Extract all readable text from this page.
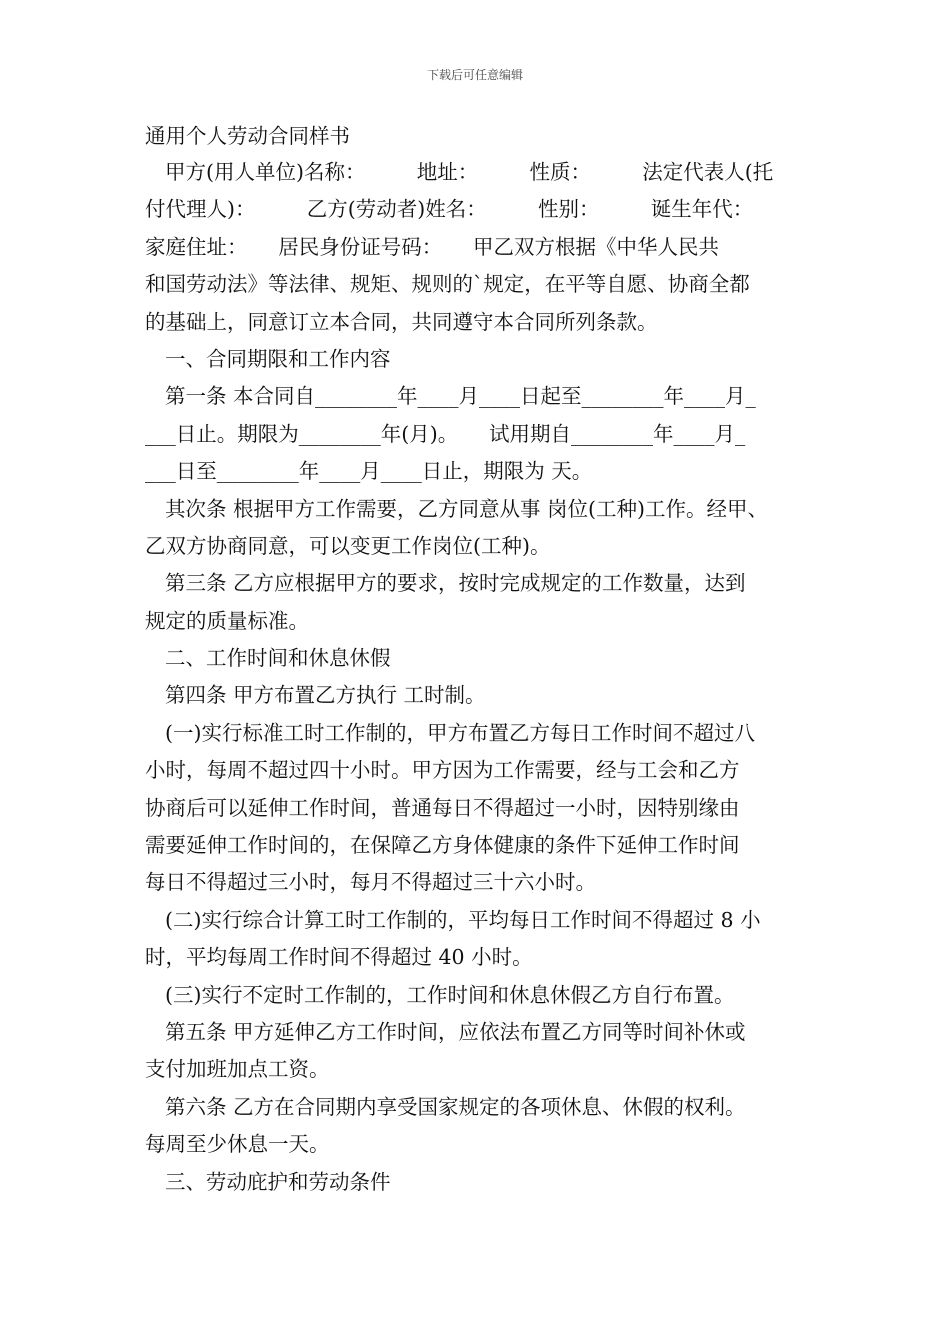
下载后可任意编辑
通用个人劳动合同样书
甲方(用人单位)名称：　　　地址：　　　性质：　　　法定代表人(托
付代理人)：　　　乙方(劳动者)姓名：　　　性别：　　　诞生年代：
家庭住址：　　居民身份证号码：　　甲乙双方根据《中华人民共
和国劳动法》等法律、规矩、规则的`规定，在平等自愿、协商全都
的基础上，同意订立本合同，共同遵守本合同所列条款。
一、合同期限和工作内容
第一条 本合同自________年____月____日起至________年____月_
___日止。期限为________年(月)。　　试用期自________年____月_
___日至________年____月____日止，期限为 天。
其次条 根据甲方工作需要，乙方同意从事 岗位(工种)工作。经甲、
乙双方协商同意，可以变更工作岗位(工种)。
第三条 乙方应根据甲方的要求，按时完成规定的工作数量，达到
规定的质量标准。
二、工作时间和休息休假
第四条 甲方布置乙方执行 工时制。
(一)实行标准工时工作制的，甲方布置乙方每日工作时间不超过八
小时，每周不超过四十小时。甲方因为工作需要，经与工会和乙方
协商后可以延伸工作时间，普通每日不得超过一小时，因特别缘由
需要延伸工作时间的，在保障乙方身体健康的条件下延伸工作时间
每日不得超过三小时，每月不得超过三十六小时。
(二)实行综合计算工时工作制的，平均每日工作时间不得超过 8 小
时，平均每周工作时间不得超过 40 小时。
(三)实行不定时工作制的，工作时间和休息休假乙方自行布置。
第五条 甲方延伸乙方工作时间，应依法布置乙方同等时间补休或
支付加班加点工资。
第六条 乙方在合同期内享受国家规定的各项休息、休假的权利。
每周至少休息一天。
三、劳动庇护和劳动条件
